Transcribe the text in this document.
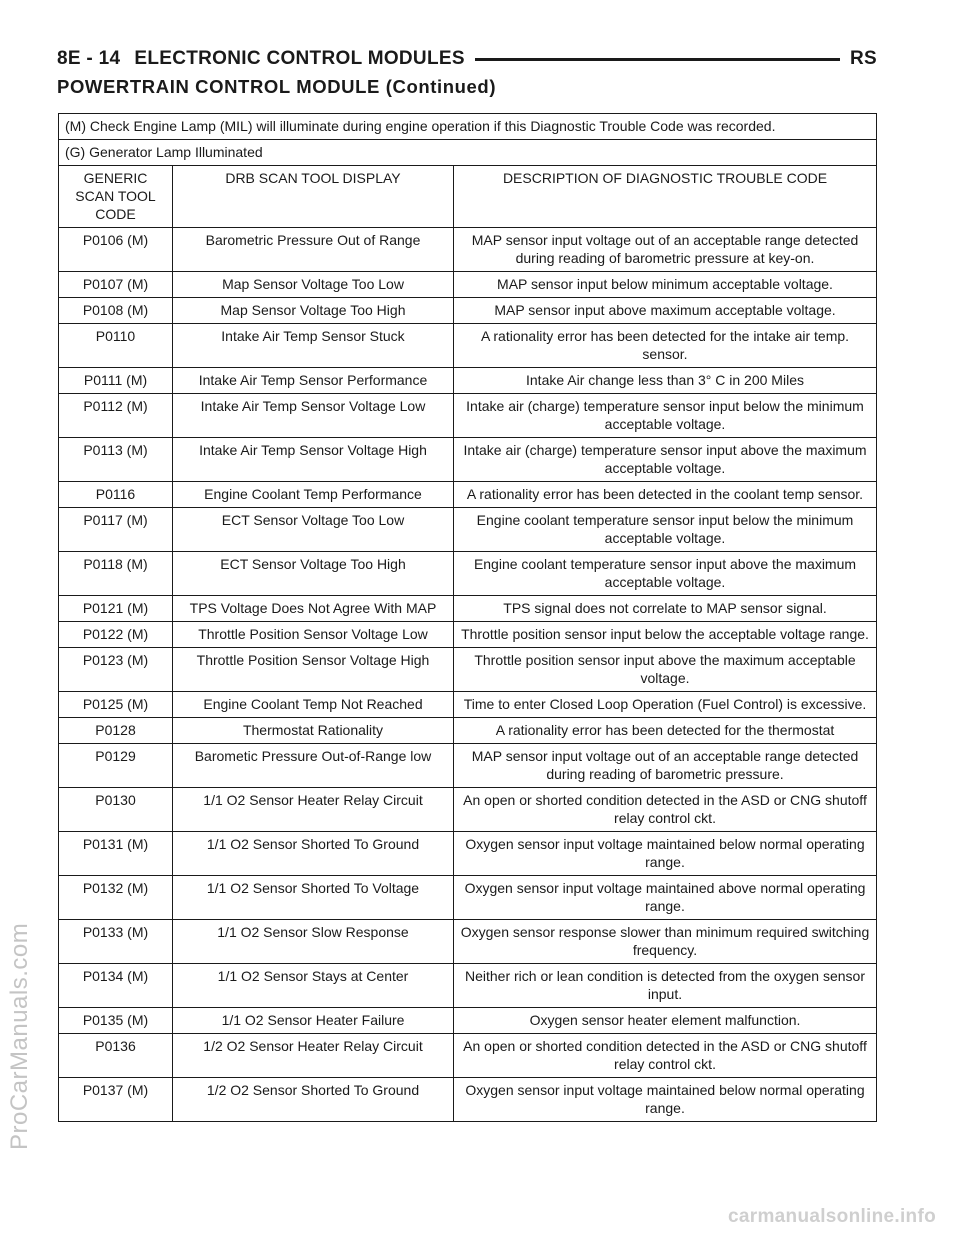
8E - 14 ELECTRONIC CONTROL MODULES	RS
POWERTRAIN CONTROL MODULE (Continued)
(M) Check Engine Lamp (MIL) will illuminate during engine operation if this Diagnostic Trouble Code was recorded.		
(G) Generator Lamp Illuminated		
GENERIC SCAN TOOL CODE	DRB SCAN TOOL DISPLAY	DESCRIPTION OF DIAGNOSTIC TROUBLE CODE
P0106 (M)	Barometric Pressure Out of Range	MAP sensor input voltage out of an acceptable range detected during reading of barometric pressure at key-on.
P0107 (M)	Map Sensor Voltage Too Low	MAP sensor input below minimum acceptable voltage.
P0108 (M)	Map Sensor Voltage Too High	MAP sensor input above maximum acceptable voltage.
P0110	Intake Air Temp Sensor Stuck	A rationality error has been detected for the intake air temp. sensor.
P0111 (M)	Intake Air Temp Sensor Performance	Intake Air change less than 3° C in 200 Miles
P0112 (M)	Intake Air Temp Sensor Voltage Low	Intake air (charge) temperature sensor input below the minimum acceptable voltage.
P0113 (M)	Intake Air Temp Sensor Voltage High	Intake air (charge) temperature sensor input above the maximum acceptable voltage.
P0116	Engine Coolant Temp Performance	A rationality error has been detected in the coolant temp sensor.
P0117 (M)	ECT Sensor Voltage Too Low	Engine coolant temperature sensor input below the minimum acceptable voltage.
P0118 (M)	ECT Sensor Voltage Too High	Engine coolant temperature sensor input above the maximum acceptable voltage.
P0121 (M)	TPS Voltage Does Not Agree With MAP	TPS signal does not correlate to MAP sensor signal.
P0122 (M)	Throttle Position Sensor Voltage Low	Throttle position sensor input below the acceptable voltage range.
P0123 (M)	Throttle Position Sensor Voltage High	Throttle position sensor input above the maximum acceptable voltage.
P0125 (M)	Engine Coolant Temp Not Reached	Time to enter Closed Loop Operation (Fuel Control) is excessive.
P0128	Thermostat Rationality	A rationality error has been detected for the thermostat
P0129	Barometic Pressure Out-of-Range low	MAP sensor input voltage out of an acceptable range detected during reading of barometric pressure.
P0130	1/1 O2 Sensor Heater Relay Circuit	An open or shorted condition detected in the ASD or CNG shutoff relay control ckt.
P0131 (M)	1/1 O2 Sensor Shorted To Ground	Oxygen sensor input voltage maintained below normal operating range.
P0132 (M)	1/1 O2 Sensor Shorted To Voltage	Oxygen sensor input voltage maintained above normal operating range.
P0133 (M)	1/1 O2 Sensor Slow Response	Oxygen sensor response slower than minimum required switching frequency.
P0134 (M)	1/1 O2 Sensor Stays at Center	Neither rich or lean condition is detected from the oxygen sensor input.
P0135 (M)	1/1 O2 Sensor Heater Failure	Oxygen sensor heater element malfunction.
P0136	1/2 O2 Sensor Heater Relay Circuit	An open or shorted condition detected in the ASD or CNG shutoff relay control ckt.
P0137 (M)	1/2 O2 Sensor Shorted To Ground	Oxygen sensor input voltage maintained below normal operating range.
ProCarManuals.com
carmanualsonline.info
